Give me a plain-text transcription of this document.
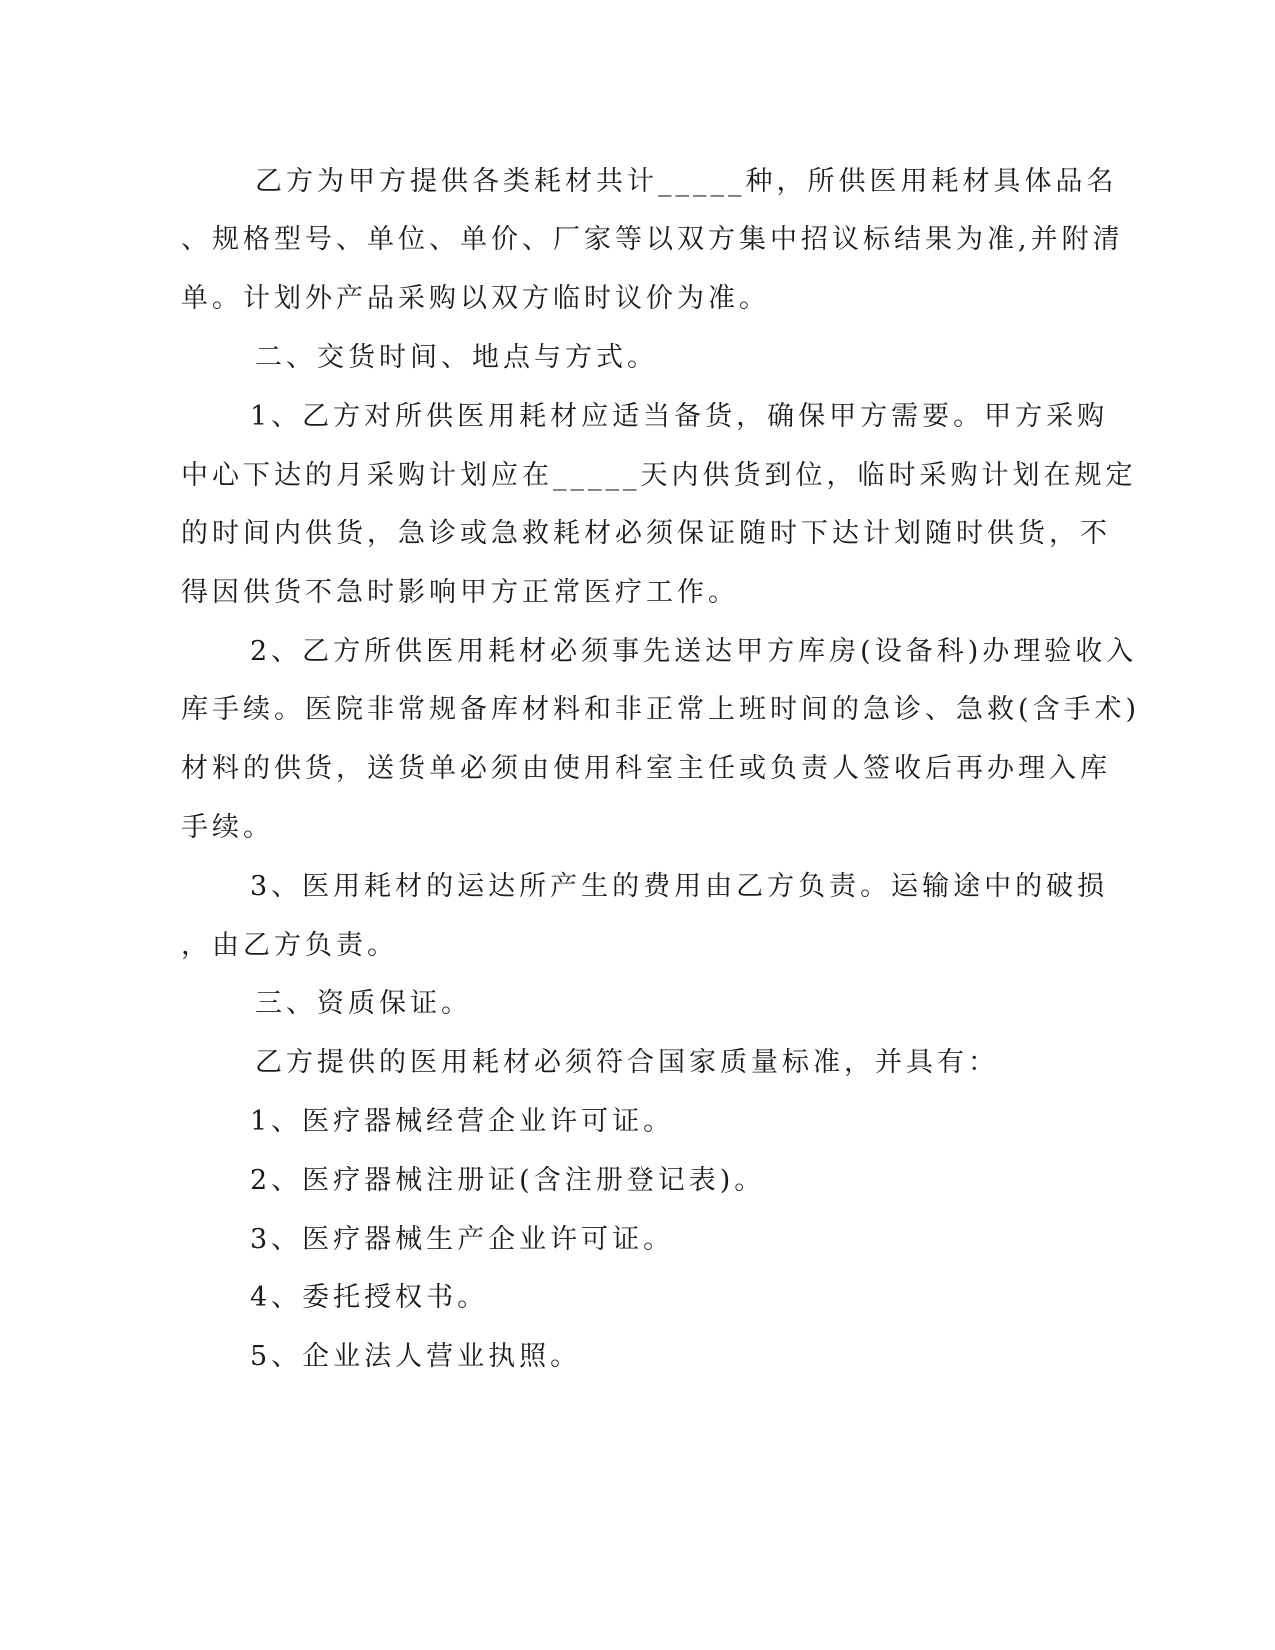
乙方为甲方提供各类耗材共计_____种，所供医用耗材具体品名
、规格型号、单位、单价、厂家等以双方集中招议标结果为准,并附清
单。计划外产品采购以双方临时议价为准。
二、交货时间、地点与方式。
1、乙方对所供医用耗材应适当备货，确保甲方需要。甲方采购
中心下达的月采购计划应在_____天内供货到位，临时采购计划在规定
的时间内供货，急诊或急救耗材必须保证随时下达计划随时供货，不
得因供货不急时影响甲方正常医疗工作。
2、乙方所供医用耗材必须事先送达甲方库房(设备科)办理验收入
库手续。医院非常规备库材料和非正常上班时间的急诊、急救(含手术)
材料的供货，送货单必须由使用科室主任或负责人签收后再办理入库
手续。
3、医用耗材的运达所产生的费用由乙方负责。运输途中的破损
，由乙方负责。
三、资质保证。
乙方提供的医用耗材必须符合国家质量标准，并具有：
1、医疗器械经营企业许可证。
2、医疗器械注册证(含注册登记表)。
3、医疗器械生产企业许可证。
4、委托授权书。
5、企业法人营业执照。
